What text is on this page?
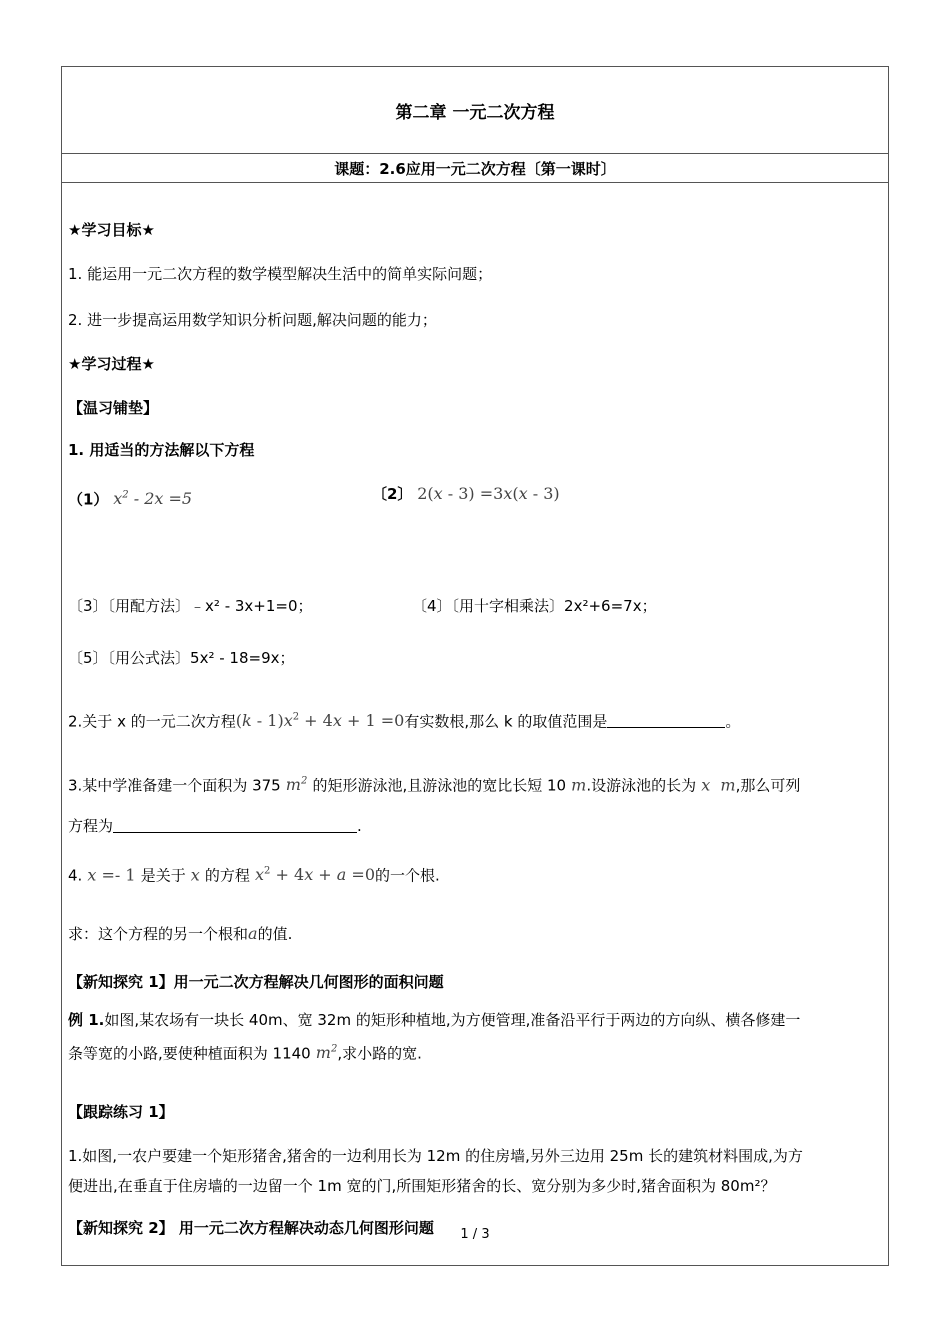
第二章 一元二次方程
课题：2.6应用一元二次方程〔第一课时〕
★学习目标★
1. 能运用一元二次方程的数学模型解决生活中的简单实际问题；
2. 进一步提高运用数学知识分析问题,解决问题的能力；
★学习过程★
【温习铺垫】
1. 用适当的方法解以下方程
（1） $x^2 - 2x =5$	〔2〕 2(x - 3) =3x(x - 3)
〔3〕〔用配方法〕﹣x² - 3x+1=0；	〔4〕〔用十字相乘法〕2x²+6=7x；
〔5〕〔用公式法〕5x² - 18=9x；
2.关于 x 的一元二次方程$(k - 1)x^2 + 4x + 1 =0$有实数根,那么 k 的取值范围是	。
3.某中学准备建一个面积为 375 $m^2$ 的矩形游泳池,且游泳池的宽比长短 10 m.设游泳池的长为 x  m,那么可列
方程为	.
4. x =- 1 是关于 x 的方程 $x^2 + 4x + a =0$的一个根.
求：这个方程的另一个根和a的值.
【新知探究 1】用一元二次方程解决几何图形的面积问题
例 1.如图,某农场有一块长 40m、宽 32m 的矩形种植地,为方便管理,准备沿平行于两边的方向纵、横各修建一
条等宽的小路,要使种植面积为 1140 $m^2$,求小路的宽.
【跟踪练习 1】
1.如图,一农户要建一个矩形猪舍,猪舍的一边利用长为 12m 的住房墙,另外三边用 25m 长的建筑材料围成,为方
便进出,在垂直于住房墙的一边留一个 1m 宽的门,所围矩形猪舍的长、宽分别为多少时,猪舍面积为 80m²？
【新知探究 2】 用一元二次方程解决动态几何图形问题	1 / 3
